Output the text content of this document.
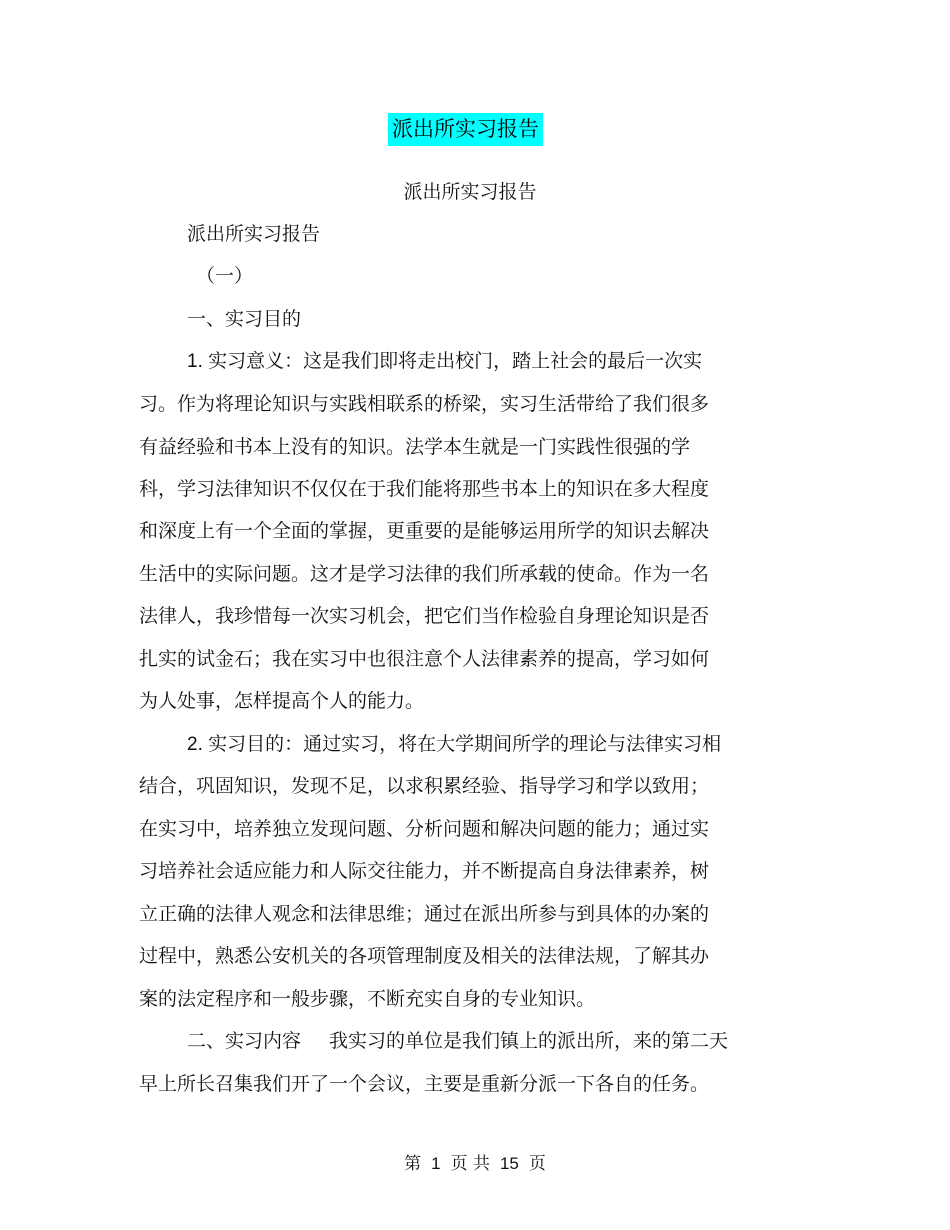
派出所实习报告
派出所实习报告
派出所实习报告
（一）
一、实习目的
1. 实习意义：这是我们即将走出校门，踏上社会的最后一次实
习。作为将理论知识与实践相联系的桥梁，实习生活带给了我们很多
有益经验和书本上没有的知识。法学本生就是一门实践性很强的学
科，学习法律知识不仅仅在于我们能将那些书本上的知识在多大程度
和深度上有一个全面的掌握，更重要的是能够运用所学的知识去解决
生活中的实际问题。这才是学习法律的我们所承载的使命。作为一名
法律人，我珍惜每一次实习机会，把它们当作检验自身理论知识是否
扎实的试金石；我在实习中也很注意个人法律素养的提高，学习如何
为人处事，怎样提高个人的能力。
2. 实习目的：通过实习，将在大学期间所学的理论与法律实习相
结合，巩固知识，发现不足，以求积累经验、指导学习和学以致用；
在实习中，培养独立发现问题、分析问题和解决问题的能力；通过实
习培养社会适应能力和人际交往能力，并不断提高自身法律素养，树
立正确的法律人观念和法律思维；通过在派出所参与到具体的办案的
过程中，熟悉公安机关的各项管理制度及相关的法律法规，了解其办
案的法定程序和一般步骤，不断充实自身的专业知识。
二、实习内容 我实习的单位是我们镇上的派出所，来的第二天
早上所长召集我们开了一个会议，主要是重新分派一下各自的任务。
第 1 页 共 15 页
